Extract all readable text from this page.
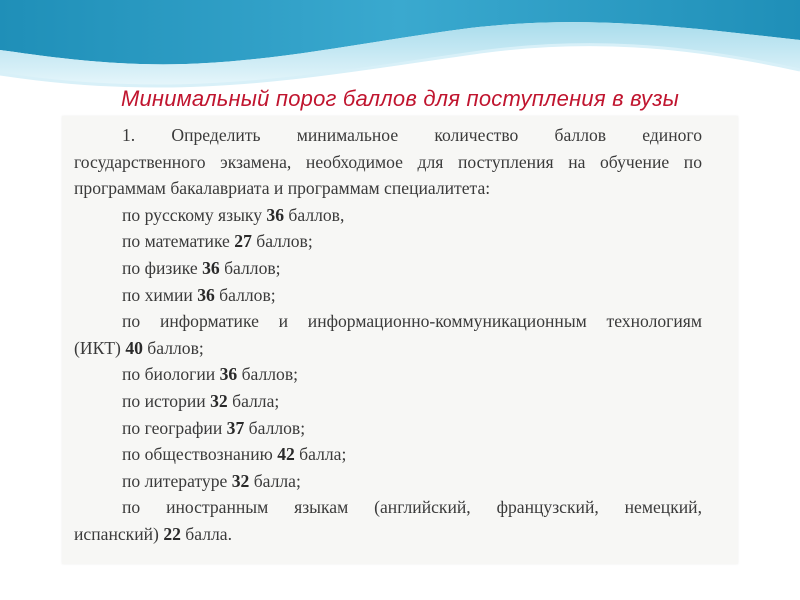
Минимальный порог баллов для поступления в вузы

1. Определить минимальное количество баллов единого

государственного экзамена, необходимое для поступления на обучение по

программам бакалавриата и программам специалитета:

по русскому языку 36 баллов,

по математике 27 баллов;

по физике 36 баллов;

по химии 36 баллов;

по информатике и информационно-коммуникационным технологиям

(ИКТ) 40 баллов;

по биологии 36 баллов;

по истории 32 балла;

по географии 37 баллов;

по обществознанию 42 балла;

по литературе 32 балла;

по иностранным языкам (английский, французский, немецкий,

испанский) 22 балла.
